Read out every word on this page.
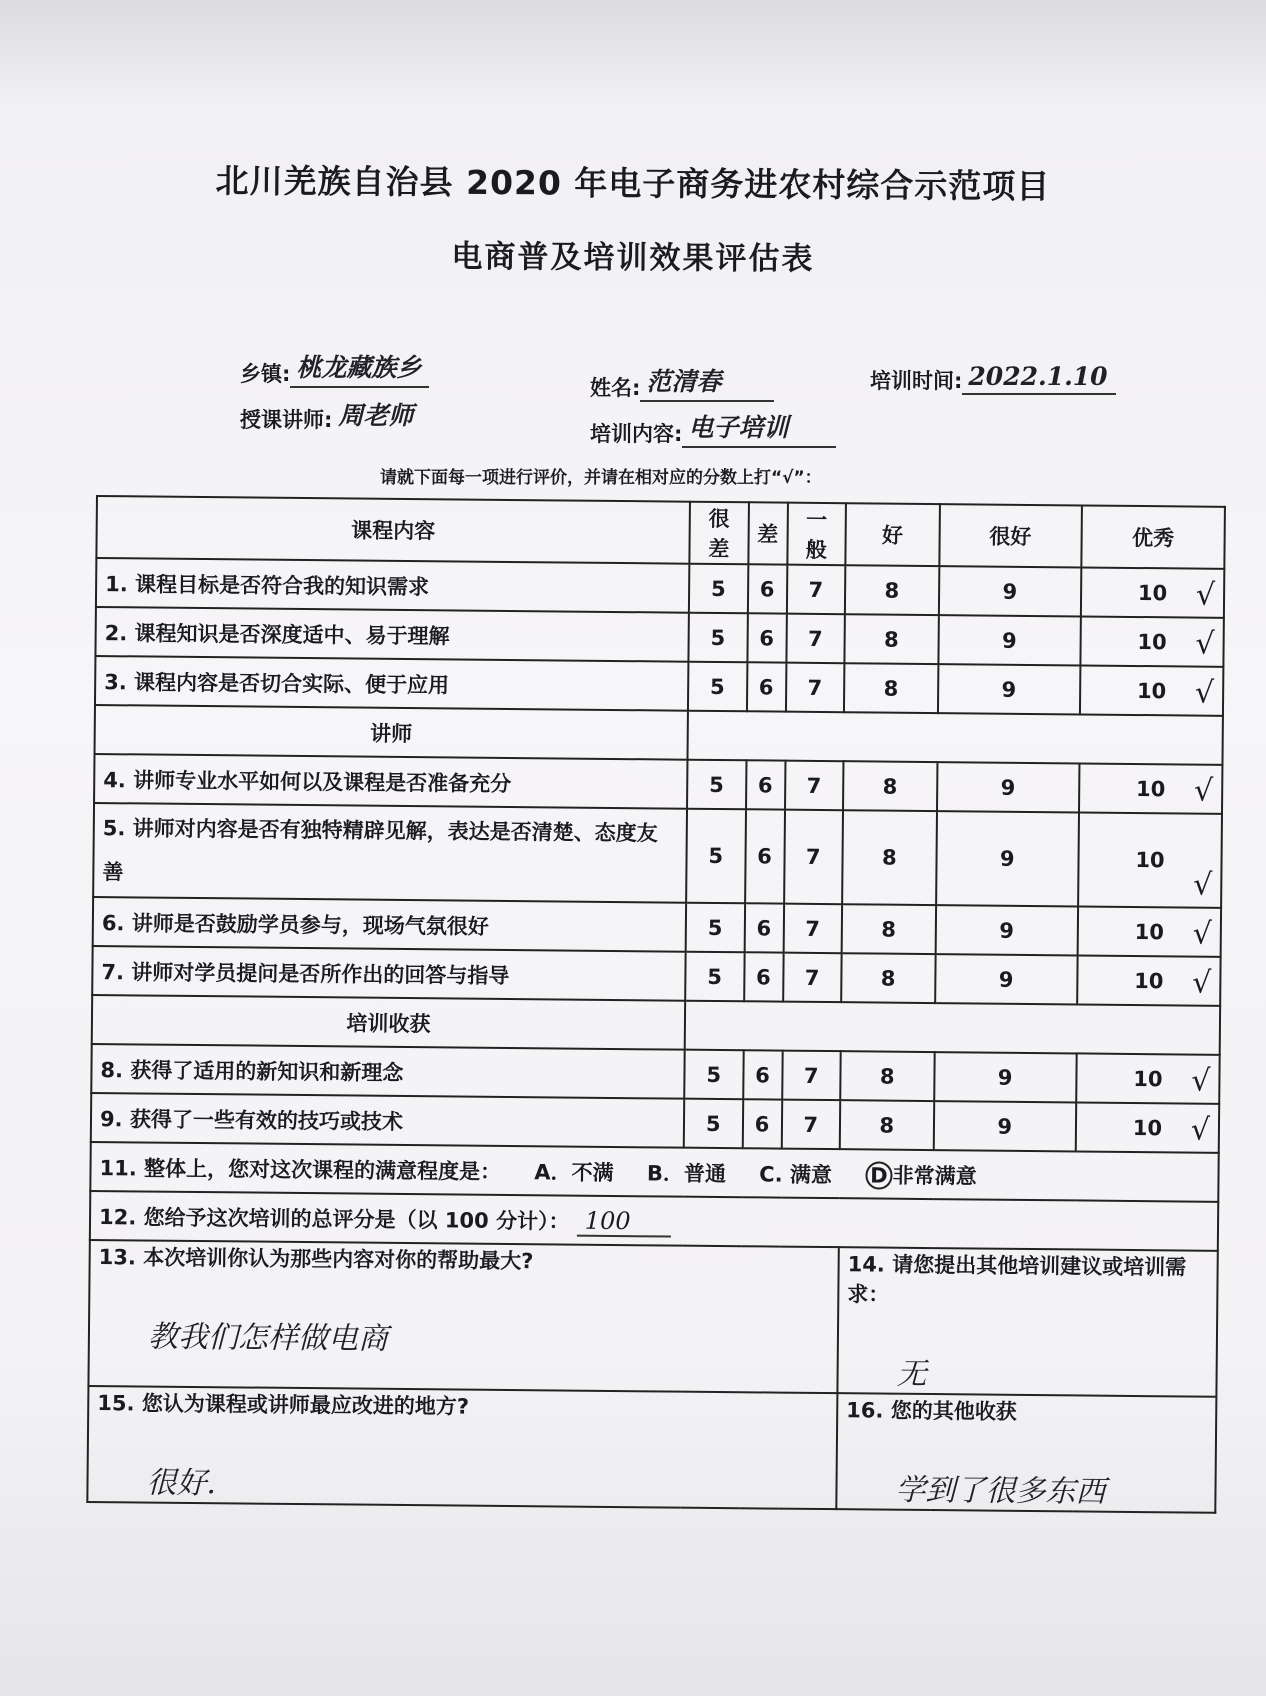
北川羌族自治县 2020 年电子商务进农村综合示范项目
电商普及培训效果评估表
乡镇: 桃龙藏族乡
姓名: 范清春	培训时间: 2022.1.10
授课讲师: 周老师
培训内容: 电子培训
请就下面每一项进行评价，并请在相对应的分数上打“√”：
课程内容	很差	差	一般	好	很好	优秀
1. 课程目标是否符合我的知识需求	5	6	7	8	9	10 √

2. 课程知识是否深度适中、易于理解	5	6	7	8	9	10 √

3. 课程内容是否切合实际、便于应用	5	6	7	8	9	10 √

讲师						
4. 讲师专业水平如何以及课程是否准备充分	5	6	7	8	9	10 √

5. 讲师对内容是否有独特精辟见解，表达是否清楚、态度友善	5	6	7	8	9	10
√

6. 讲师是否鼓励学员参与，现场气氛很好	5	6	7	8	9	10 √

7. 讲师对学员提问是否所作出的回答与指导	5	6	7	8	9	10 √

培训收获						
8. 获得了适用的新知识和新理念	5	6	7	8	9	10 √

9. 获得了一些有效的技巧或技术	5	6	7	8	9	10 √

11. 整体上，您对这次课程的满意程度是： A．不满 B．普通 C. 满意 D 非常满意						
12. 您给予这次培训的总评分是（以 100 分计）： 100						
13. 本次培训你认为那些内容对你的帮助最大?
教我们怎样做电商				14. 请您提出其他培训建议或培训需求：
无		

15. 您认为课程或讲师最应改进的地方?
很好.				16. 您的其他收获
学到了很多东西		
